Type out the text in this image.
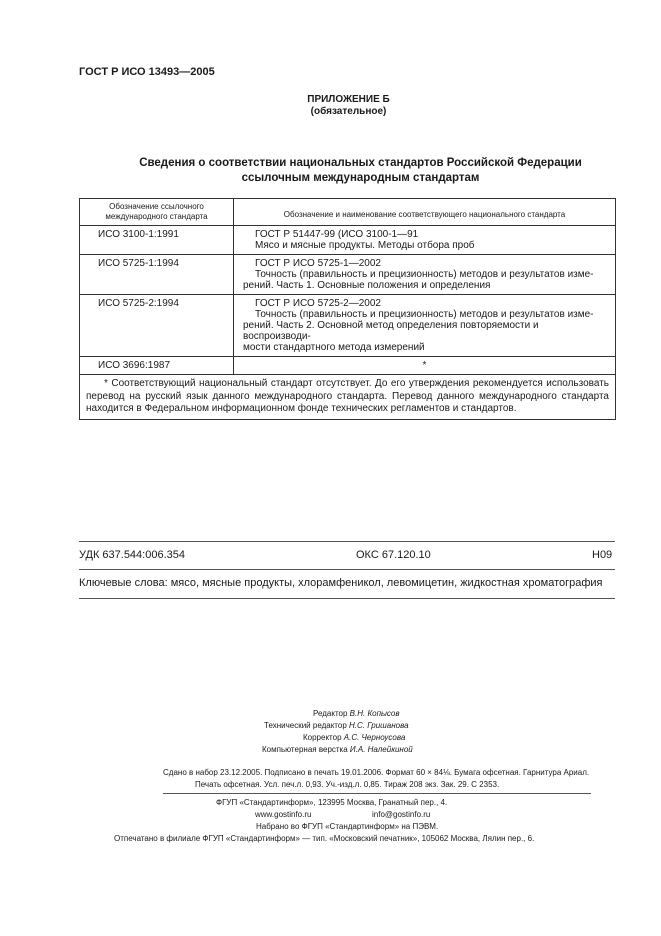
ГОСТ Р ИСО 13493—2005
ПРИЛОЖЕНИЕ Б
(обязательное)
Сведения о соответствии национальных стандартов Российской Федерации
ссылочным международным стандартам
Обозначение ссылочного
международного стандарта	Обозначение и наименование соответствующего национального стандарта
ИСО 3100-1:1991	ГОСТ Р 51447-99 (ИСО 3100-1—91
Мясо и мясные продукты. Методы отбора проб
ИСО 5725-1:1994	ГОСТ Р ИСО 5725-1—2002
Точность (правильность и прецизионность) методов и результатов изме-
рений. Часть 1. Основные положения и определения
ИСО 5725-2:1994	ГОСТ Р ИСО 5725-2—2002
Точность (правильность и прецизионность) методов и результатов изме-
рений. Часть 2. Основной метод определения повторяемости и воспроизводи-
мости стандартного метода измерений
ИСО 3696:1987	*
* Соответствующий национальный стандарт отсутствует. До его утверждения рекомендуется использовать перевод на русский язык данного международного стандарта. Перевод данного международного стандарта находится в Федеральном информационном фонде технических регламентов и стандартов.
УДК 637.544:006.354	ОКС 67.120.10	Н09
Ключевые слова: мясо, мясные продукты, хлорамфеникол, левомицетин, жидкостная хроматография
Редактор В.Н. Копысов
Технический редактор Н.С. Гришанова
Корректор А.С. Черноусова
Компьютерная верстка И.А. Налейкиной
Сдано в набор 23.12.2005. Подписано в печать 19.01.2006. Формат 60 × 84⅛. Бумага офсетная. Гарнитура Ариал.
Печать офсетная. Усл. печ.л. 0,93. Уч.-изд.л. 0,85. Тираж 208 экз. Зак. 29. С 2353.
ФГУП «Стандартинформ», 123995 Москва, Гранатный пер., 4.
www.gostinfo.ru	info@gostinfo.ru
Набрано во ФГУП «Стандартинформ» на ПЭВМ.
Отпечатано в филиале ФГУП «Стандартинформ» — тип. «Московский печатник», 105062 Москва, Лялин пер., 6.
